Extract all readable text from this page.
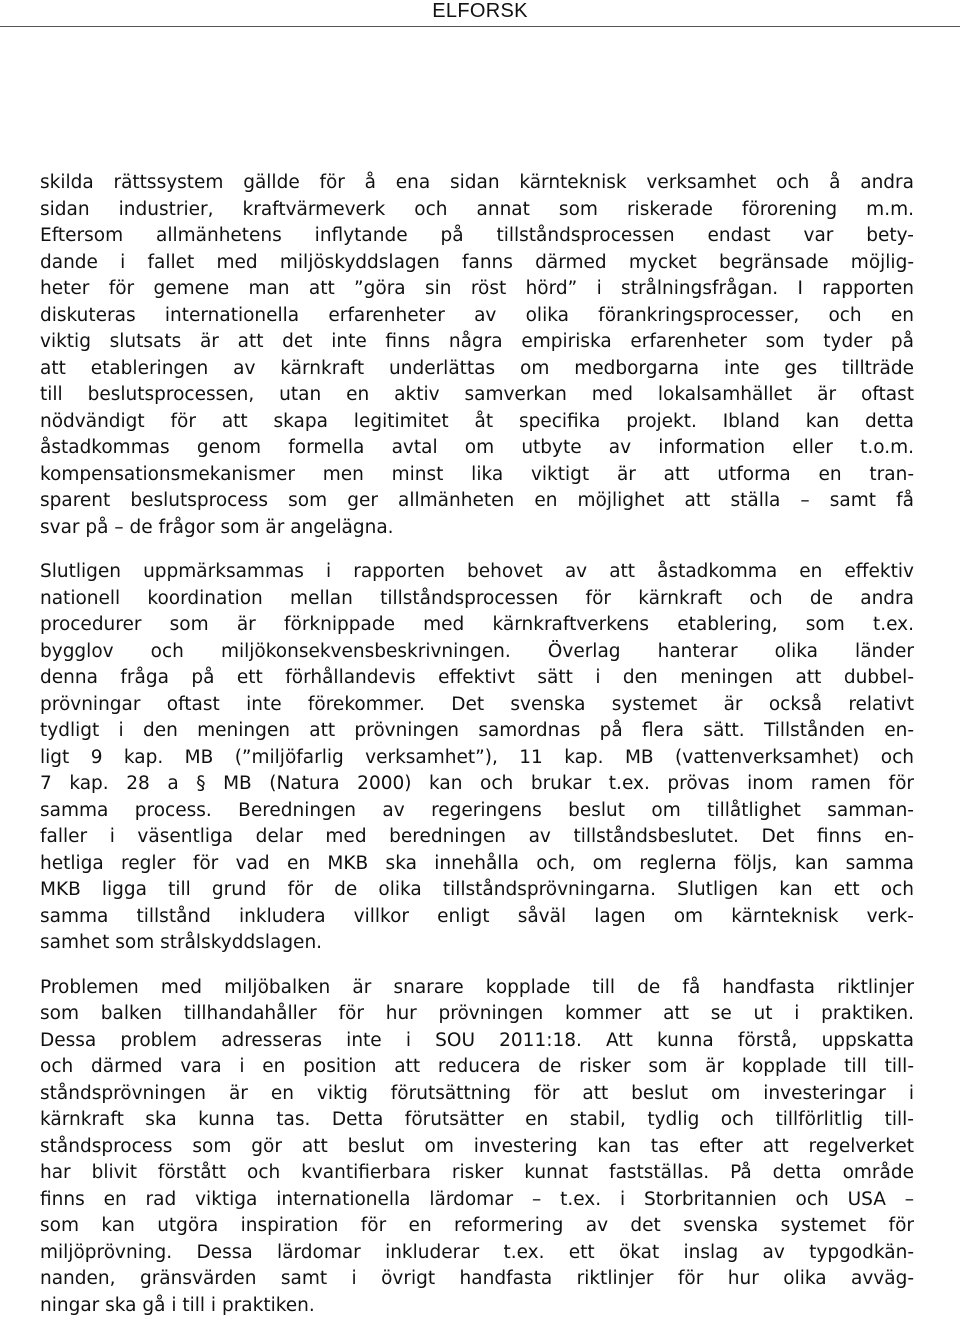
ELFORSK
skilda rättssystem gällde för å ena sidan kärnteknisk verksamhet och å andra
sidan industrier, kraftvärmeverk och annat som riskerade förorening m.m.
Eftersom allmänhetens inflytande på tillståndsprocessen endast var bety-
dande i fallet med miljöskyddslagen fanns därmed mycket begränsade möjlig-
heter för gemene man att ”göra sin röst hörd” i strålningsfrågan. I rapporten
diskuteras internationella erfarenheter av olika förankringsprocesser, och en
viktig slutsats är att det inte finns några empiriska erfarenheter som tyder på
att etableringen av kärnkraft underlättas om medborgarna inte ges tillträde
till beslutsprocessen, utan en aktiv samverkan med lokalsamhället är oftast
nödvändigt för att skapa legitimitet åt specifika projekt. Ibland kan detta
åstadkommas genom formella avtal om utbyte av information eller t.o.m.
kompensationsmekanismer men minst lika viktigt är att utforma en tran-
sparent beslutsprocess som ger allmänheten en möjlighet att ställa – samt få
svar på – de frågor som är angelägna.
Slutligen uppmärksammas i rapporten behovet av att åstadkomma en effektiv
nationell koordination mellan tillståndsprocessen för kärnkraft och de andra
procedurer som är förknippade med kärnkraftverkens etablering, som t.ex.
bygglov och miljökonsekvensbeskrivningen. Överlag hanterar olika länder
denna fråga på ett förhållandevis effektivt sätt i den meningen att dubbel-
prövningar oftast inte förekommer. Det svenska systemet är också relativt
tydligt i den meningen att prövningen samordnas på flera sätt. Tillstånden en-
ligt 9 kap. MB (”miljöfarlig verksamhet”), 11 kap. MB (vattenverksamhet) och
7 kap. 28 a § MB (Natura 2000) kan och brukar t.ex. prövas inom ramen för
samma process. Beredningen av regeringens beslut om tillåtlighet samman-
faller i väsentliga delar med beredningen av tillståndsbeslutet. Det finns en-
hetliga regler för vad en MKB ska innehålla och, om reglerna följs, kan samma
MKB ligga till grund för de olika tillståndsprövningarna. Slutligen kan ett och
samma tillstånd inkludera villkor enligt såväl lagen om kärnteknisk verk-
samhet som strålskyddslagen.
Problemen med miljöbalken är snarare kopplade till de få handfasta riktlinjer
som balken tillhandahåller för hur prövningen kommer att se ut i praktiken.
Dessa problem adresseras inte i SOU 2011:18. Att kunna förstå, uppskatta
och därmed vara i en position att reducera de risker som är kopplade till till-
ståndsprövningen är en viktig förutsättning för att beslut om investeringar i
kärnkraft ska kunna tas. Detta förutsätter en stabil, tydlig och tillförlitlig till-
ståndsprocess som gör att beslut om investering kan tas efter att regelverket
har blivit förstått och kvantifierbara risker kunnat fastställas. På detta område
finns en rad viktiga internationella lärdomar – t.ex. i Storbritannien och USA –
som kan utgöra inspiration för en reformering av det svenska systemet för
miljöprövning. Dessa lärdomar inkluderar t.ex. ett ökat inslag av typgodkän-
nanden, gränsvärden samt i övrigt handfasta riktlinjer för hur olika avväg-
ningar ska gå i till i praktiken.
